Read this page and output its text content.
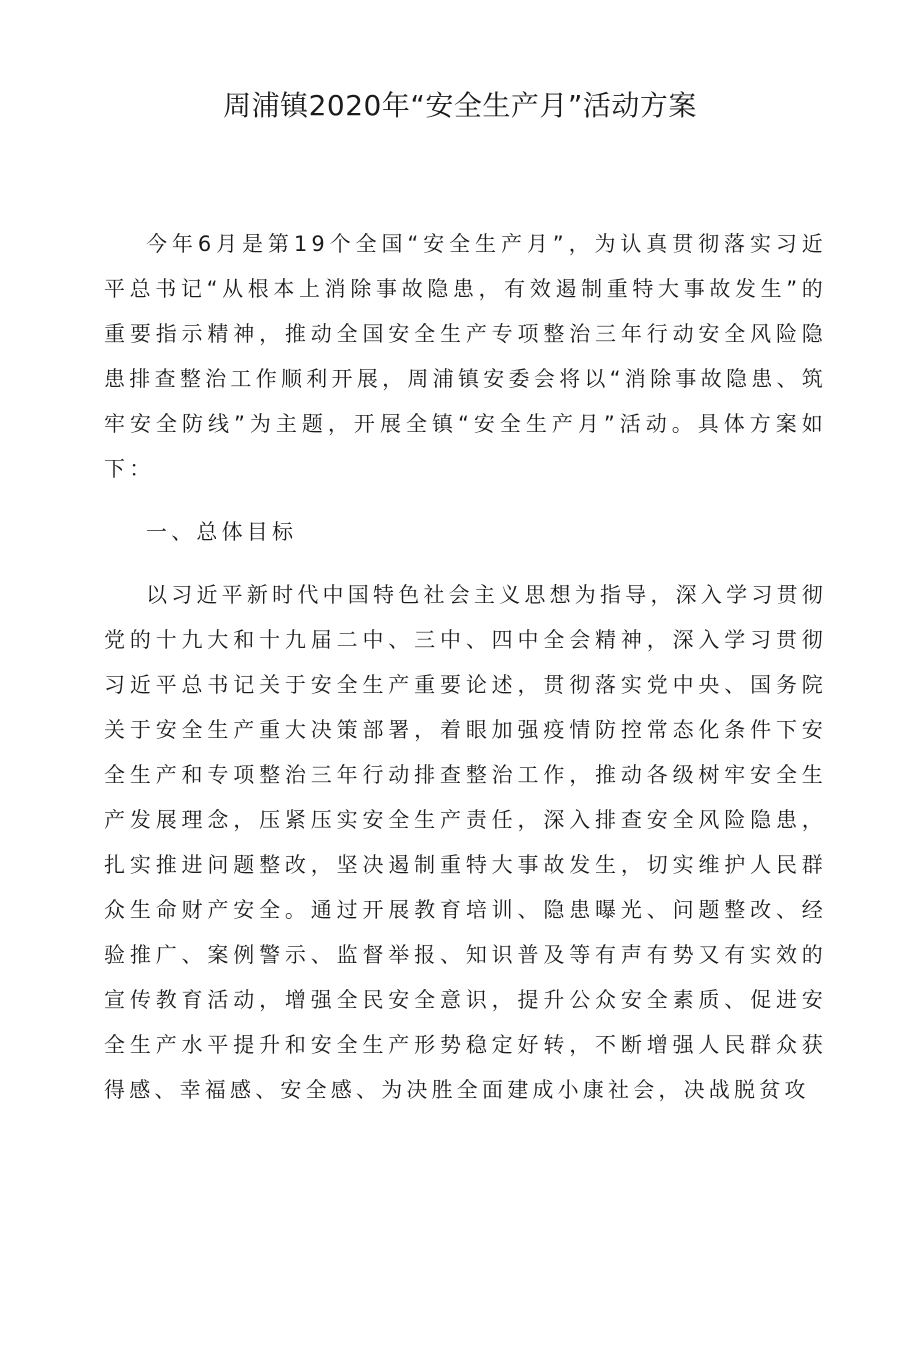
周浦镇2020年“安全生产月”活动方案

今年6月是第19个全国“安全生产月”，为认真贯彻落实习近平总书记“从根本上消除事故隐患，有效遏制重特大事故发生”的重要指示精神，推动全国安全生产专项整治三年行动安全风险隐患排查整治工作顺利开展，周浦镇安委会将以“消除事故隐患、筑牢安全防线”为主题，开展全镇“安全生产月”活动。具体方案如下：

一、总体目标

以习近平新时代中国特色社会主义思想为指导，深入学习贯彻党的十九大和十九届二中、三中、四中全会精神，深入学习贯彻习近平总书记关于安全生产重要论述，贯彻落实党中央、国务院关于安全生产重大决策部署，着眼加强疫情防控常态化条件下安全生产和专项整治三年行动排查整治工作，推动各级树牢安全生产发展理念，压紧压实安全生产责任，深入排查安全风险隐患，扎实推进问题整改，坚决遏制重特大事故发生，切实维护人民群众生命财产安全。通过开展教育培训、隐患曝光、问题整改、经验推广、案例警示、监督举报、知识普及等有声有势又有实效的宣传教育活动，增强全民安全意识，提升公众安全素质、促进安全生产水平提升和安全生产形势稳定好转，不断增强人民群众获得感、幸福感、安全感、为决胜全面建成小康社会，决战脱贫攻
